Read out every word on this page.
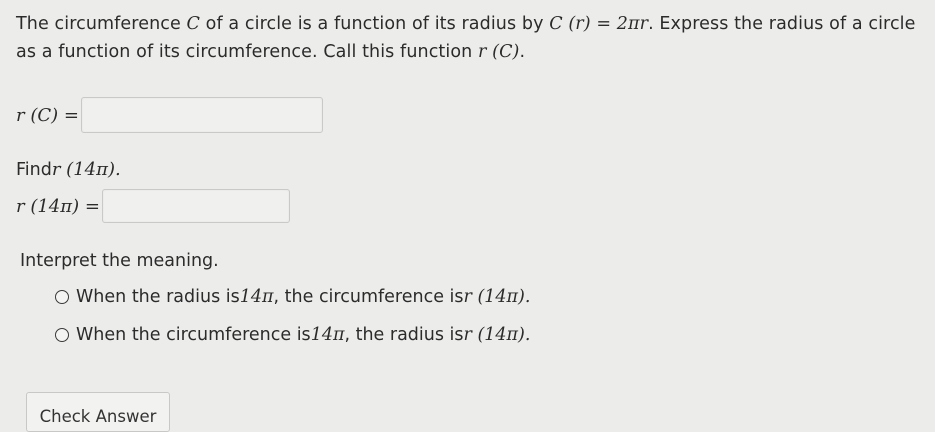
The circumference C of a circle is a function of its radius by C (r) = 2πr. Express the radius of a circle
as a function of its circumference. Call this function r (C).
r (C) =
Find r (14π).
r (14π) =
Interpret the meaning.
When the radius is 14π , the circumference is r (14π).
When the circumference is 14π , the radius is r (14π).
Check Answer
